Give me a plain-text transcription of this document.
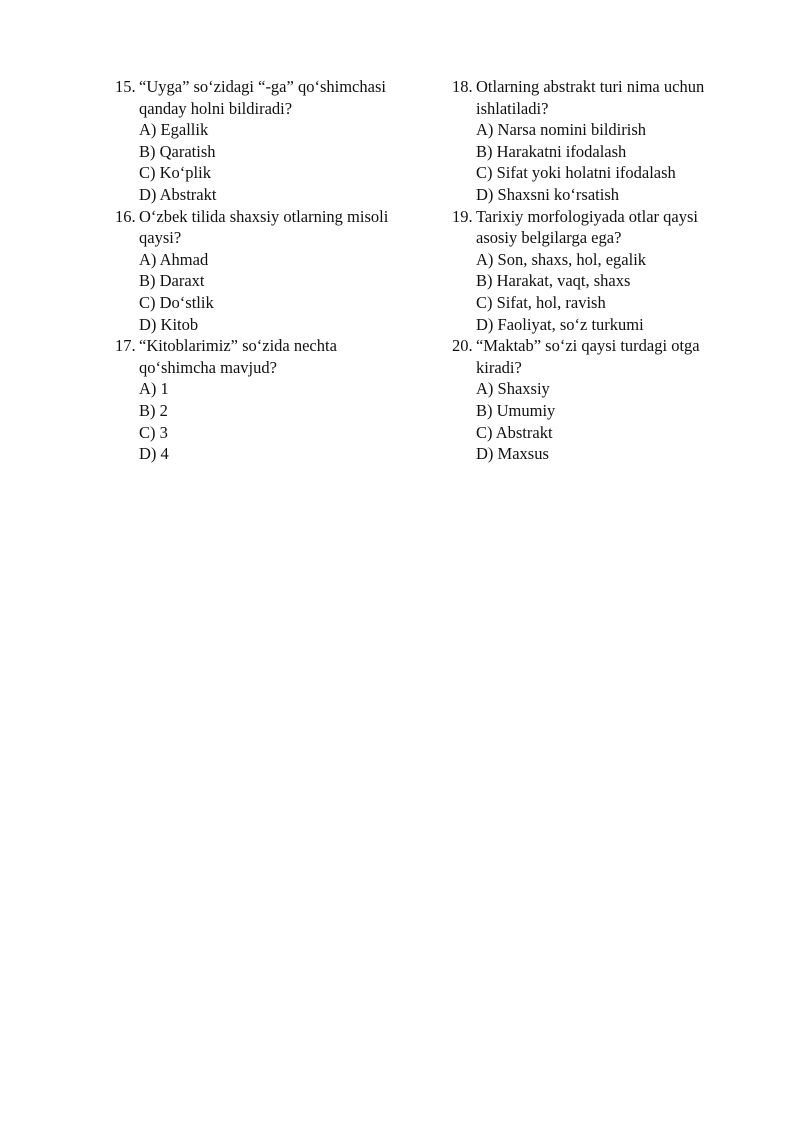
15. “Uyga” so‘zidagi “-ga” qo‘shimchasi qanday holni bildiradi?
A) Egallik
B) Qaratish
C) Ko‘plik
D) Abstrakt
16. O‘zbek tilida shaxsiy otlarning misoli qaysi?
A) Ahmad
B) Daraxt
C) Do‘stlik
D) Kitob
17. “Kitoblarimiz” so‘zida nechta qo‘shimcha mavjud?
A) 1
B) 2
C) 3
D) 4
18. Otlarning abstrakt turi nima uchun ishlatiladi?
A) Narsa nomini bildirish
B) Harakatni ifodalash
C) Sifat yoki holatni ifodalash
D) Shaxsni ko‘rsatish
19. Tarixiy morfologiyada otlar qaysi asosiy belgilarga ega?
A) Son, shaxs, hol, egalik
B) Harakat, vaqt, shaxs
C) Sifat, hol, ravish
D) Faoliyat, so‘z turkumi
20. “Maktab” so‘zi qaysi turdagi otga kiradi?
A) Shaxsiy
B) Umumiy
C) Abstrakt
D) Maxsus
